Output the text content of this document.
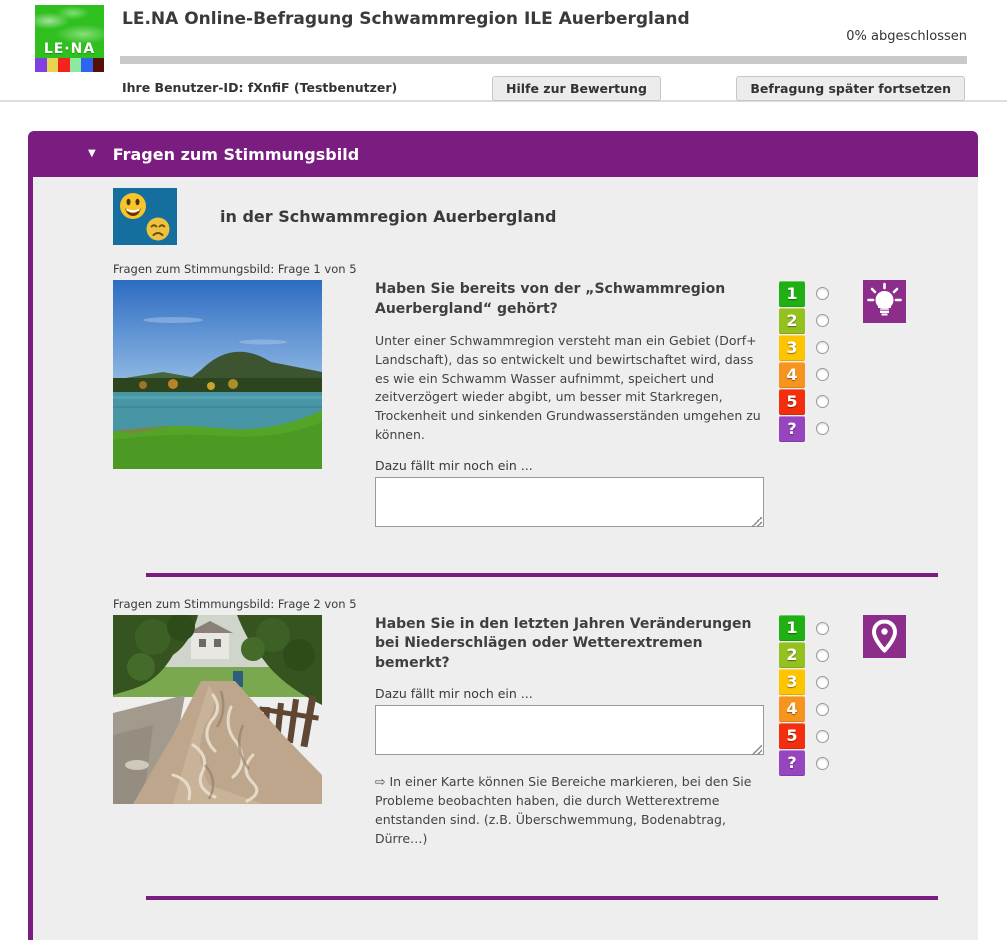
LE·NA
LE.NA Online-Befragung Schwammregion ILE Auerbergland
0% abgeschlossen
Ihre Benutzer-ID: fXnfiF (Testbenutzer)	Hilfe zur Bewertung	Befragung später fortsetzen
▼ Fragen zum Stimmungsbild
in der Schwammregion Auerbergland
Fragen zum Stimmungsbild: Frage 1 von 5
Haben Sie bereits von der „Schwammregion Auerbergland“ gehört?
Unter einer Schwammregion versteht man ein Gebiet (Dorf+ Landschaft), das so entwickelt und bewirtschaftet wird, dass es wie ein Schwamm Wasser aufnimmt, speichert und zeitverzögert wieder abgibt, um besser mit Starkregen, Trockenheit und sinkenden Grundwasserständen umgehen zu können.
Dazu fällt mir noch ein ...
1
2
3
4
5
?
Fragen zum Stimmungsbild: Frage 2 von 5
Haben Sie in den letzten Jahren Veränderungen bei Niederschlägen oder Wetterextremen bemerkt?
Dazu fällt mir noch ein ...
⇨ In einer Karte können Sie Bereiche markieren, bei den Sie Probleme beobachten haben, die durch Wetterextreme entstanden sind. (z.B. Überschwemmung, Bodenabtrag, Dürre…)
1
2
3
4
5
?
